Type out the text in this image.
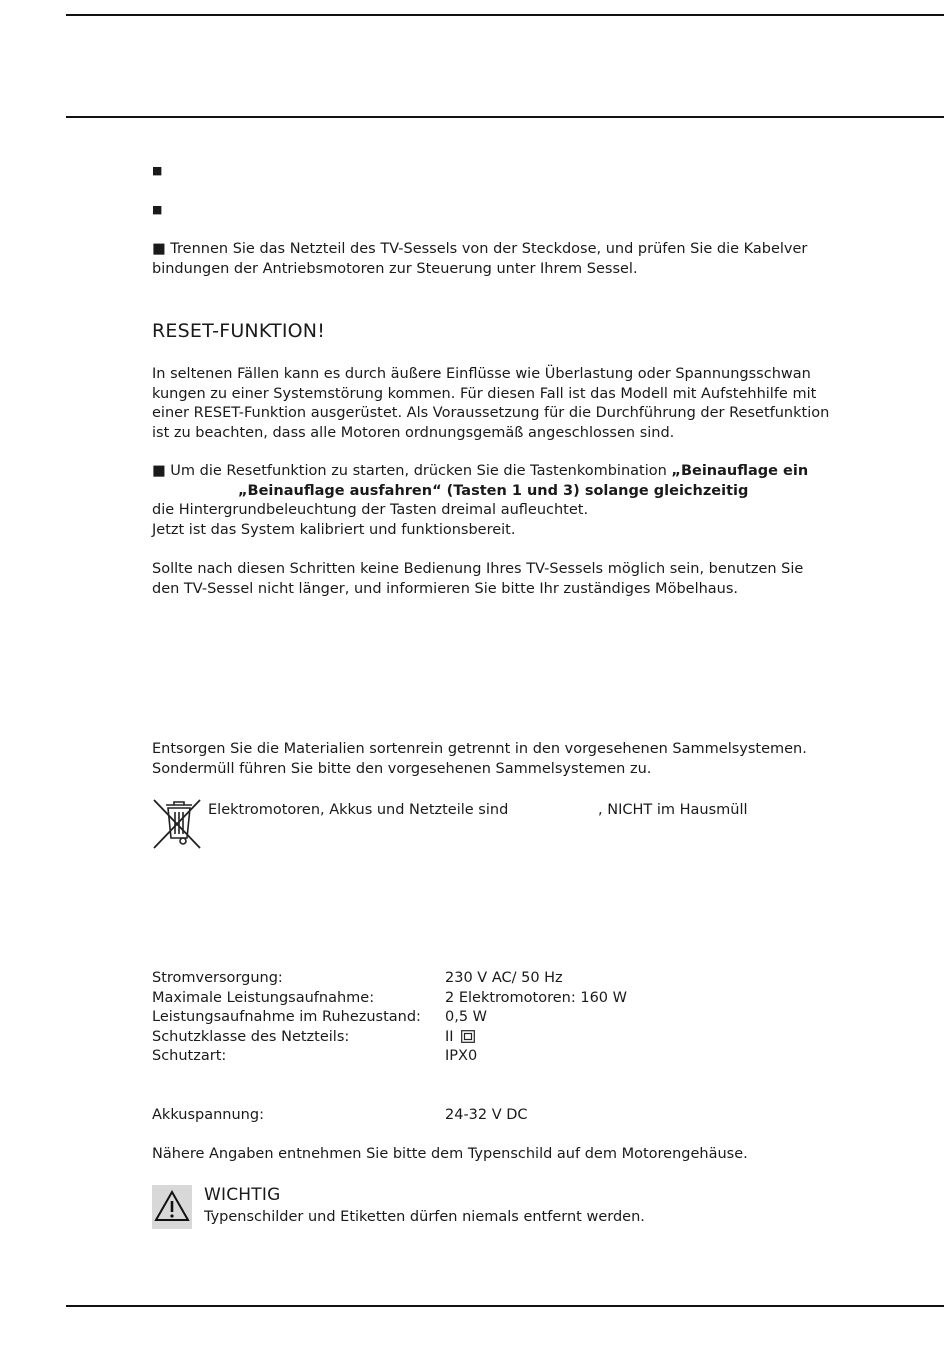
■
■
■ Trennen Sie das Netzteil des TV-Sessels von der Steckdose, und prüfen Sie die Kabelver
bindungen der Antriebsmotoren zur Steuerung unter Ihrem Sessel.
RESET-FUNKTION!
In seltenen Fällen kann es durch äußere Einflüsse wie Überlastung oder Spannungsschwan
kungen zu einer Systemstörung kommen. Für diesen Fall ist das Modell mit Aufstehhilfe mit
einer RESET-Funktion ausgerüstet. Als Voraussetzung für die Durchführung der Resetfunktion
ist zu beachten, dass alle Motoren ordnungsgemäß angeschlossen sind.
■ Um die Resetfunktion zu starten, drücken Sie die Tastenkombination „Beinauflage ein
„Beinauflage ausfahren“ (Tasten 1 und 3) solange gleichzeitig
die Hintergrundbeleuchtung der Tasten dreimal aufleuchtet.
Jetzt ist das System kalibriert und funktionsbereit.
Sollte nach diesen Schritten keine Bedienung Ihres TV-Sessels möglich sein, benutzen Sie
den TV-Sessel nicht länger, und informieren Sie bitte Ihr zuständiges Möbelhaus.
Entsorgen Sie die Materialien sortenrein getrennt in den vorgesehenen Sammelsystemen.
Sondermüll führen Sie bitte den vorgesehenen Sammelsystemen zu.
Elektromotoren, Akkus und Netzteile sind	, NICHT im Hausmüll
Stromversorgung:	230 V AC/ 50 Hz
Maximale Leistungsaufnahme:	2 Elektromotoren: 160 W
Leistungsaufnahme im Ruhezustand: 0,5 W
Schutzklasse des Netzteils:	II
Schutzart:	IPX0
Akkuspannung:	24-32 V DC
Nähere Angaben entnehmen Sie bitte dem Typenschild auf dem Motorengehäuse.
WICHTIG
Typenschilder und Etiketten dürfen niemals entfernt werden.
